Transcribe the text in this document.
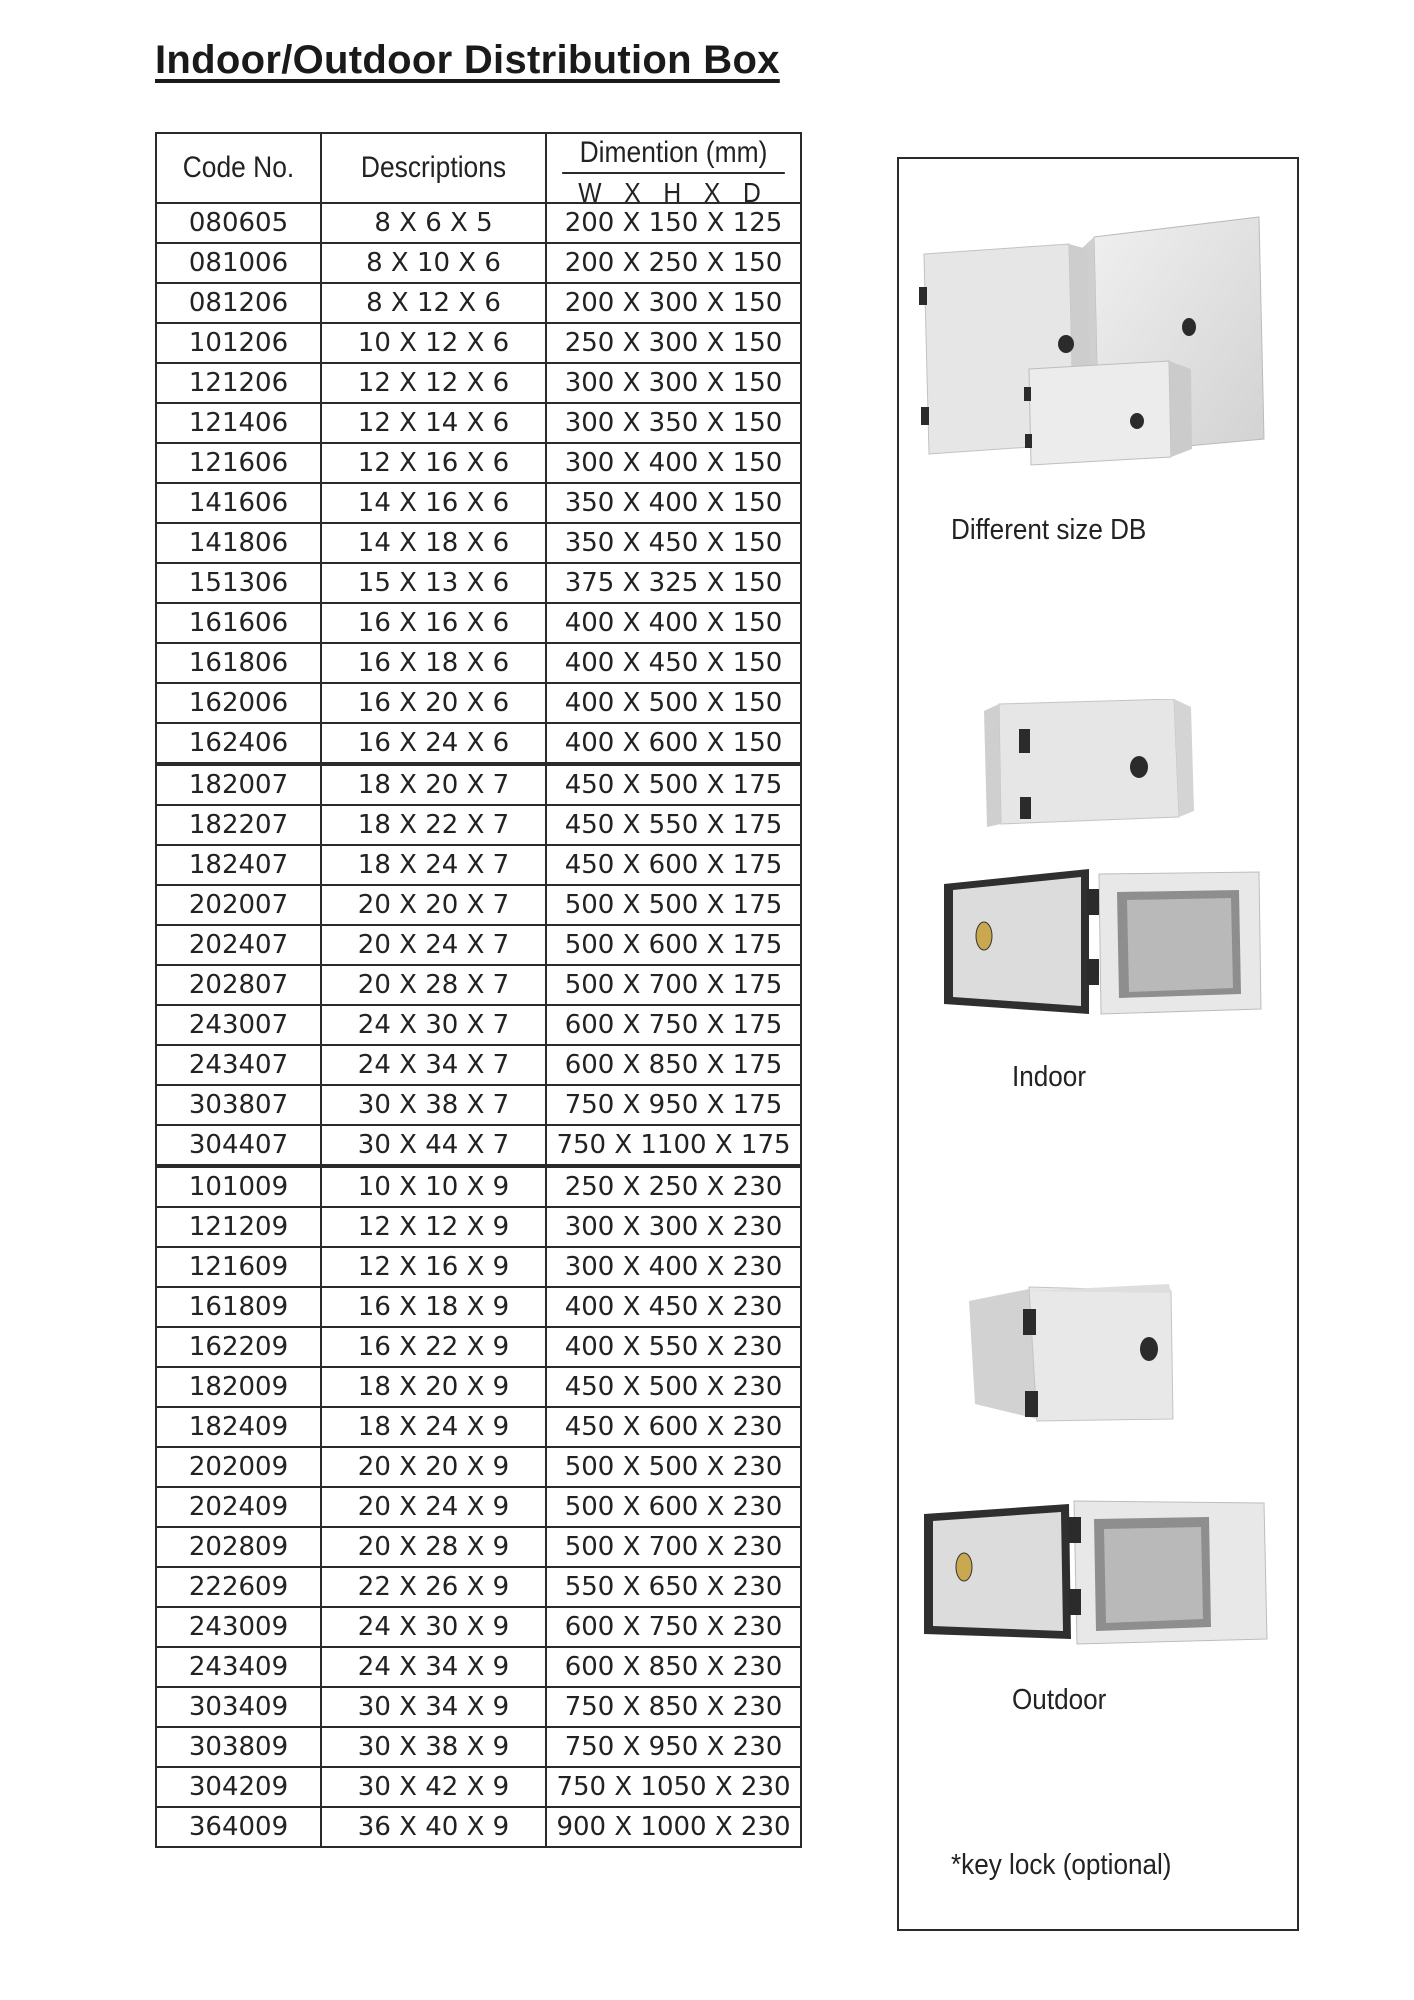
Indoor/Outdoor Distribution Box
Code No.	Descriptions	Dimention (mm)
W X H X D

080605	8 X 6 X 5	200 X 150 X 125
081006	8 X 10 X 6	200 X 250 X 150
081206	8 X 12 X 6	200 X 300 X 150
101206	10 X 12 X 6	250 X 300 X 150
121206	12 X 12 X 6	300 X 300 X 150
121406	12 X 14 X 6	300 X 350 X 150
121606	12 X 16 X 6	300 X 400 X 150
141606	14 X 16 X 6	350 X 400 X 150
141806	14 X 18 X 6	350 X 450 X 150
151306	15 X 13 X 6	375 X 325 X 150
161606	16 X 16 X 6	400 X 400 X 150
161806	16 X 18 X 6	400 X 450 X 150
162006	16 X 20 X 6	400 X 500 X 150
162406	16 X 24 X 6	400 X 600 X 150
182007	18 X 20 X 7	450 X 500 X 175
182207	18 X 22 X 7	450 X 550 X 175
182407	18 X 24 X 7	450 X 600 X 175
202007	20 X 20 X 7	500 X 500 X 175
202407	20 X 24 X 7	500 X 600 X 175
202807	20 X 28 X 7	500 X 700 X 175
243007	24 X 30 X 7	600 X 750 X 175
243407	24 X 34 X 7	600 X 850 X 175
303807	30 X 38 X 7	750 X 950 X 175
304407	30 X 44 X 7	750 X 1100 X 175
101009	10 X 10 X 9	250 X 250 X 230
121209	12 X 12 X 9	300 X 300 X 230
121609	12 X 16 X 9	300 X 400 X 230
161809	16 X 18 X 9	400 X 450 X 230
162209	16 X 22 X 9	400 X 550 X 230
182009	18 X 20 X 9	450 X 500 X 230
182409	18 X 24 X 9	450 X 600 X 230
202009	20 X 20 X 9	500 X 500 X 230
202409	20 X 24 X 9	500 X 600 X 230
202809	20 X 28 X 9	500 X 700 X 230
222609	22 X 26 X 9	550 X 650 X 230
243009	24 X 30 X 9	600 X 750 X 230
243409	24 X 34 X 9	600 X 850 X 230
303409	30 X 34 X 9	750 X 850 X 230
303809	30 X 38 X 9	750 X 950 X 230
304209	30 X 42 X 9	750 X 1050 X 230
364009	36 X 40 X 9	900 X 1000 X 230
Different size DB
Indoor
Outdoor
*key lock (optional)
